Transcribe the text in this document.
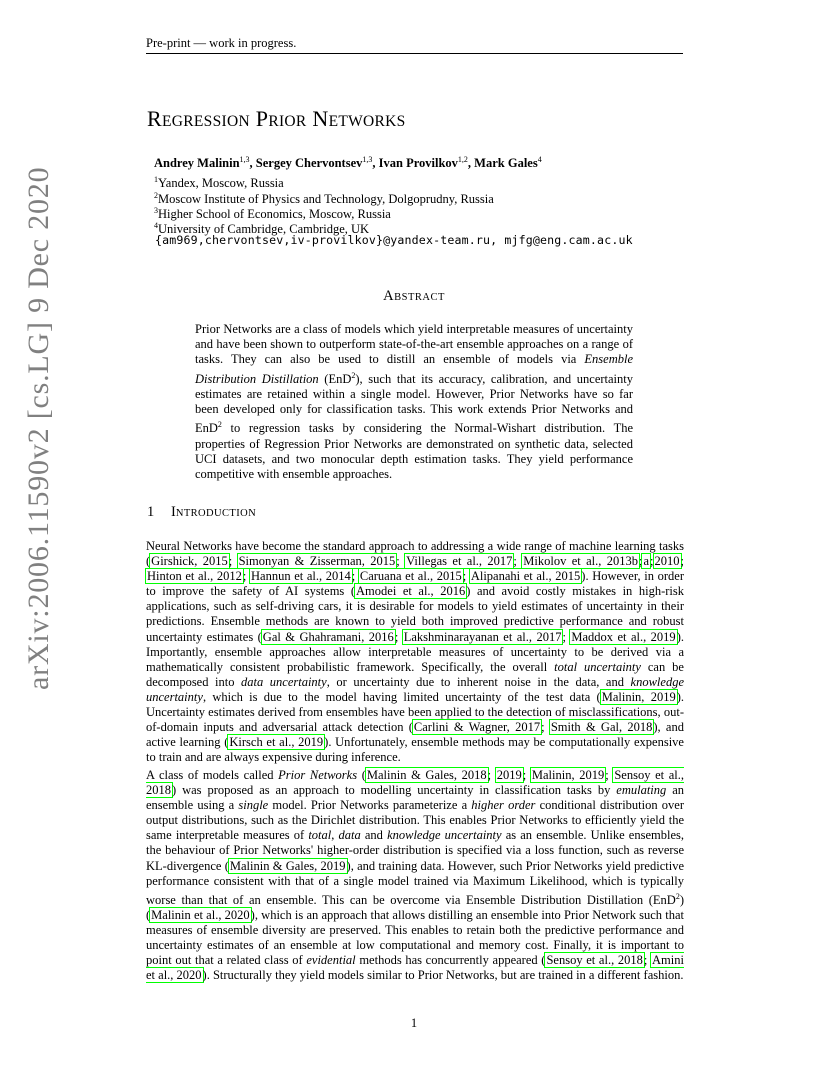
Pre-print — work in progress.
REGRESSION PRIOR NETWORKS
Andrey Malinin$^{1,3}$, Sergey Chervontsev$^{1,3}$, Ivan Provilkov$^{1,2}$, Mark Gales$^4$
$^1$Yandex, Moscow, Russia
$^2$Moscow Institute of Physics and Technology, Dolgoprudny, Russia
$^3$Higher School of Economics, Moscow, Russia
$^4$University of Cambridge, Cambridge, UK
{am969,chervontsev,iv-provilkov}@yandex-team.ru, mjfg@eng.cam.ac.uk
arXiv:2006.11590v2 [cs.LG] 9 Dec 2020	ABSTRACT
Prior Networks are a class of models which yield interpretable measures of uncertainty and have been shown to outperform state-of-the-art ensemble approaches on a range of tasks. They can also be used to distill an ensemble of models via Ensemble Distribution Distillation (EnD$^2$), such that its accuracy, calibration, and uncertainty estimates are retained within a single model. However, Prior Networks have so far been developed only for classification tasks. This work extends Prior Networks and EnD$^2$ to regression tasks by considering the Normal-Wishart distribution. The properties of Regression Prior Networks are demonstrated on synthetic data, selected UCI datasets, and two monocular depth estimation tasks. They yield performance competitive with ensemble approaches.
1 INTRODUCTION
Neural Networks have become the standard approach to addressing a wide range of machine learning tasks (Girshick, 2015; Simonyan & Zisserman, 2015; Villegas et al., 2017; Mikolov et al., 2013b;a;2010; Hinton et al., 2012; Hannun et al., 2014; Caruana et al., 2015; Alipanahi et al., 2015). However, in order to improve the safety of AI systems (Amodei et al., 2016) and avoid costly mistakes in high-risk applications, such as self-driving cars, it is desirable for models to yield estimates of uncertainty in their predictions. Ensemble methods are known to yield both improved predictive performance and robust uncertainty estimates (Gal & Ghahramani, 2016; Lakshminarayanan et al., 2017; Maddox et al., 2019). Importantly, ensemble approaches allow interpretable measures of uncertainty to be derived via a mathematically consistent probabilistic framework. Specifically, the overall total uncertainty can be decomposed into data uncertainty, or uncertainty due to inherent noise in the data, and knowledge uncertainty, which is due to the model having limited uncertainty of the test data (Malinin, 2019). Uncertainty estimates derived from ensembles have been applied to the detection of misclassifications, out-of-domain inputs and adversarial attack detection (Carlini & Wagner, 2017; Smith & Gal, 2018), and active learning (Kirsch et al., 2019). Unfortunately, ensemble methods may be computationally expensive to train and are always expensive during inference.
A class of models called Prior Networks (Malinin & Gales, 2018; 2019; Malinin, 2019; Sensoy et al., 2018) was proposed as an approach to modelling uncertainty in classification tasks by emulating an ensemble using a single model. Prior Networks parameterize a higher order conditional distribution over output distributions, such as the Dirichlet distribution. This enables Prior Networks to efficiently yield the same interpretable measures of total, data and knowledge uncertainty as an ensemble. Unlike ensembles, the behaviour of Prior Networks' higher-order distribution is specified via a loss function, such as reverse KL-divergence (Malinin & Gales, 2019), and training data. However, such Prior Networks yield predictive performance consistent with that of a single model trained via Maximum Likelihood, which is typically worse than that of an ensemble. This can be overcome via Ensemble Distribution Distillation (EnD$^2$) (Malinin et al., 2020), which is an approach that allows distilling an ensemble into Prior Network such that measures of ensemble diversity are preserved. This enables to retain both the predictive performance and uncertainty estimates of an ensemble at low computational and memory cost. Finally, it is important to point out that a related class of evidential methods has concurrently appeared (Sensoy et al., 2018; Amini et al., 2020). Structurally they yield models similar to Prior Networks, but are trained in a different fashion.
1
